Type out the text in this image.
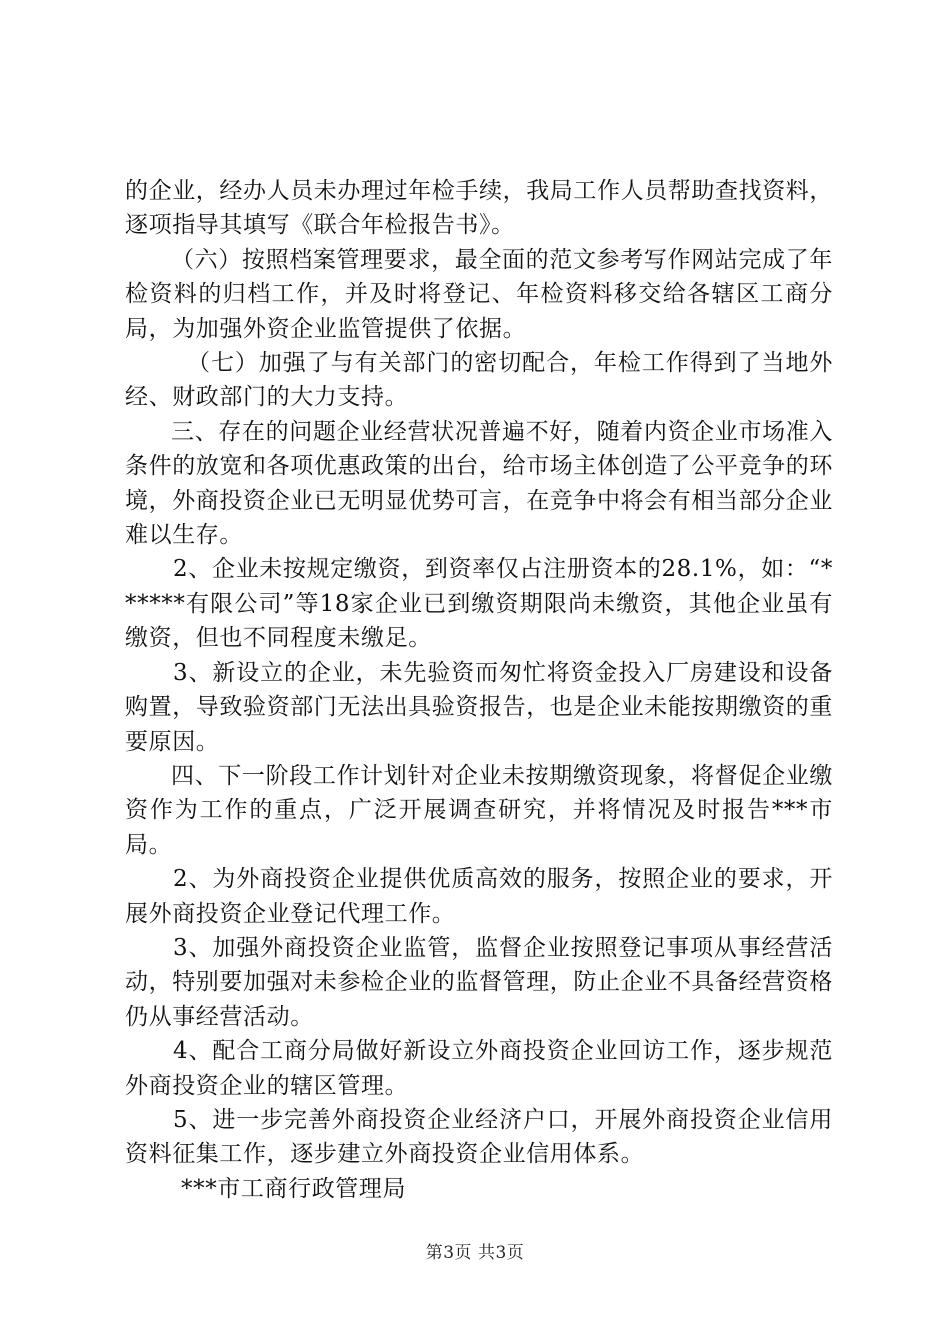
的企业，经办人员未办理过年检手续，我局工作人员帮助查找资料，逐项指导其填写《联合年检报告书》。

（六）按照档案管理要求，最全面的范文参考写作网站完成了年检资料的归档工作，并及时将登记、年检资料移交给各辖区工商分局，为加强外资企业监管提供了依据。

（七）加强了与有关部门的密切配合，年检工作得到了当地外经、财政部门的大力支持。

三、存在的问题企业经营状况普遍不好，随着内资企业市场准入条件的放宽和各项优惠政策的出台，给市场主体创造了公平竞争的环境，外商投资企业已无明显优势可言，在竞争中将会有相当部分企业难以生存。

2、企业未按规定缴资，到资率仅占注册资本的28.1%，如：“******有限公司”等18家企业已到缴资期限尚未缴资，其他企业虽有缴资，但也不同程度未缴足。

3、新设立的企业，未先验资而匆忙将资金投入厂房建设和设备购置，导致验资部门无法出具验资报告，也是企业未能按期缴资的重要原因。

四、下一阶段工作计划针对企业未按期缴资现象，将督促企业缴资作为工作的重点，广泛开展调查研究，并将情况及时报告***市局。

2、为外商投资企业提供优质高效的服务，按照企业的要求，开展外商投资企业登记代理工作。

3、加强外商投资企业监管，监督企业按照登记事项从事经营活动，特别要加强对未参检企业的监督管理，防止企业不具备经营资格仍从事经营活动。

4、配合工商分局做好新设立外商投资企业回访工作，逐步规范外商投资企业的辖区管理。

5、进一步完善外商投资企业经济户口，开展外商投资企业信用资料征集工作，逐步建立外商投资企业信用体系。

***市工商行政管理局

第3页 共3页
